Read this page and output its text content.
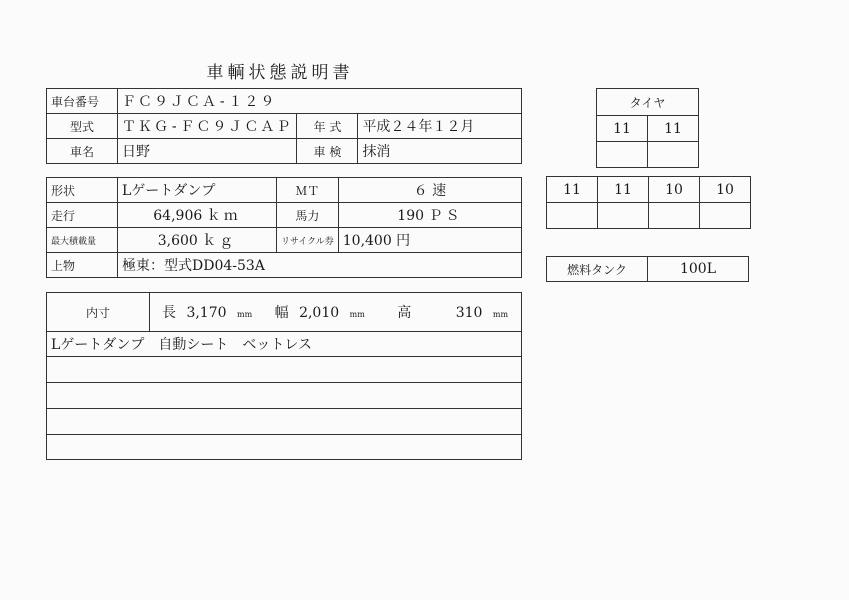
車輌状態説明書
車台番号	ＦＣ９ＪＣＡ-１２９		
型式	ＴＫＧ-ＦＣ９ＪＣＡＰ	年 式	平成２４年１２月
車名	日野	車 検	抹消
形状	Lゲートダンプ	ＭＴ	６ 速
走行	64,906 ｋｍ	馬力	190 ＰＳ
最大積載量	3,600 ｋｇ	リサイクル券	10,400 円
上物	極東：型式DD04-53A		
内寸	長 3,170 mm 幅 2,010 mm 高	310 mm
Lゲートダンプ　自動シート　ベットレス

タイヤ	
11	11

11	11	10	10

燃料タンク	100L
